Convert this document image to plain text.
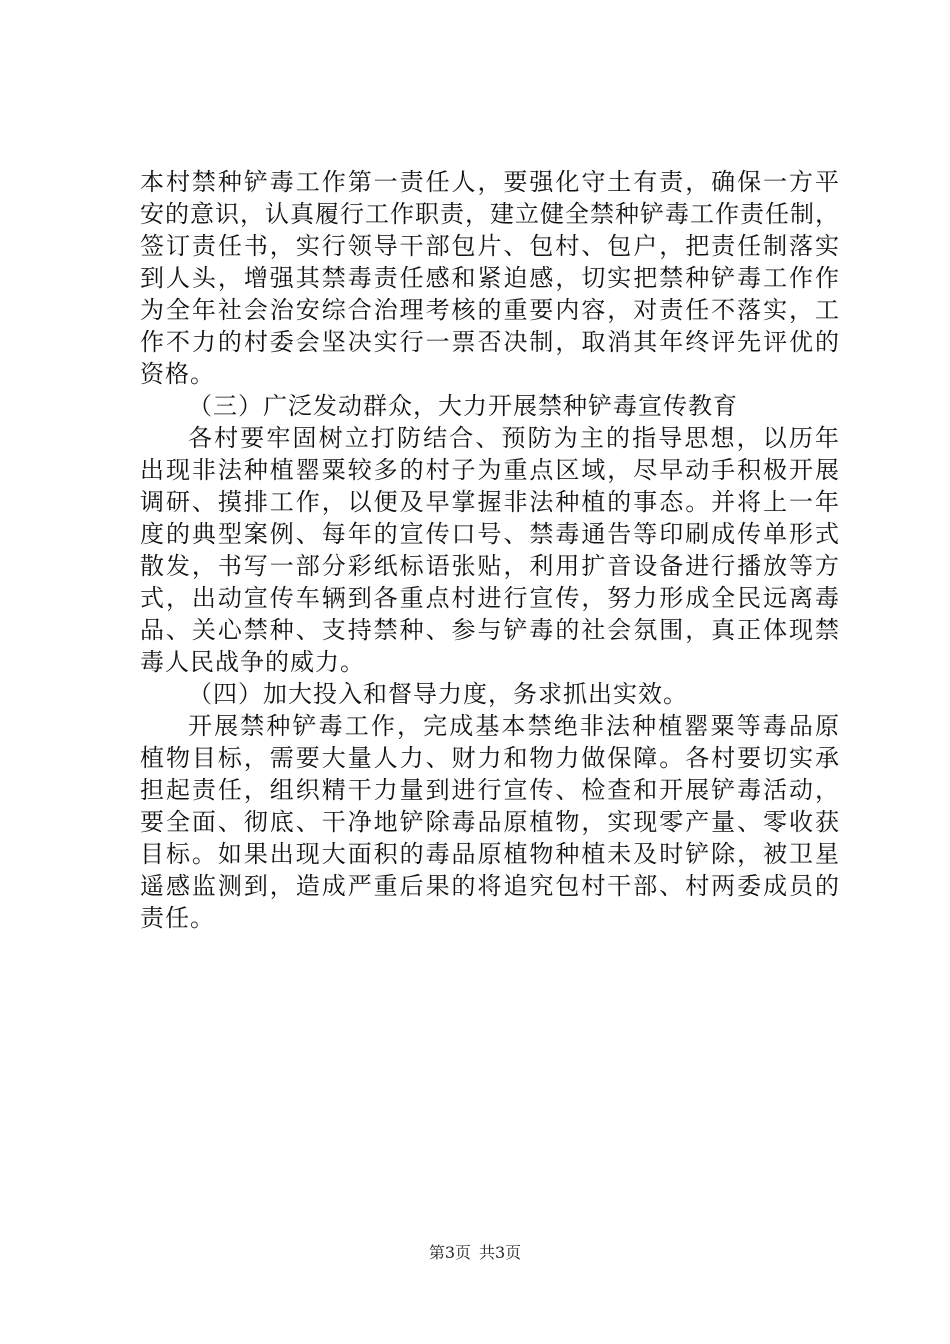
本村禁种铲毒工作第一责任人，要强化守土有责，确保一方平
安的意识，认真履行工作职责，建立健全禁种铲毒工作责任制，
签订责任书，实行领导干部包片、包村、包户，把责任制落实
到人头，增强其禁毒责任感和紧迫感，切实把禁种铲毒工作作
为全年社会治安综合治理考核的重要内容，对责任不落实，工
作不力的村委会坚决实行一票否决制，取消其年终评先评优的
资格。
（三）广泛发动群众，大力开展禁种铲毒宣传教育
各村要牢固树立打防结合、预防为主的指导思想，以历年
出现非法种植罂粟较多的村子为重点区域，尽早动手积极开展
调研、摸排工作，以便及早掌握非法种植的事态。并将上一年
度的典型案例、每年的宣传口号、禁毒通告等印刷成传单形式
散发，书写一部分彩纸标语张贴，利用扩音设备进行播放等方
式，出动宣传车辆到各重点村进行宣传，努力形成全民远离毒
品、关心禁种、支持禁种、参与铲毒的社会氛围，真正体现禁
毒人民战争的威力。
（四）加大投入和督导力度，务求抓出实效。
开展禁种铲毒工作，完成基本禁绝非法种植罂粟等毒品原
植物目标，需要大量人力、财力和物力做保障。各村要切实承
担起责任，组织精干力量到进行宣传、检查和开展铲毒活动，
要全面、彻底、干净地铲除毒品原植物，实现零产量、零收获
目标。如果出现大面积的毒品原植物种植未及时铲除，被卫星
遥感监测到，造成严重后果的将追究包村干部、村两委成员的
责任。
第3页 共3页
